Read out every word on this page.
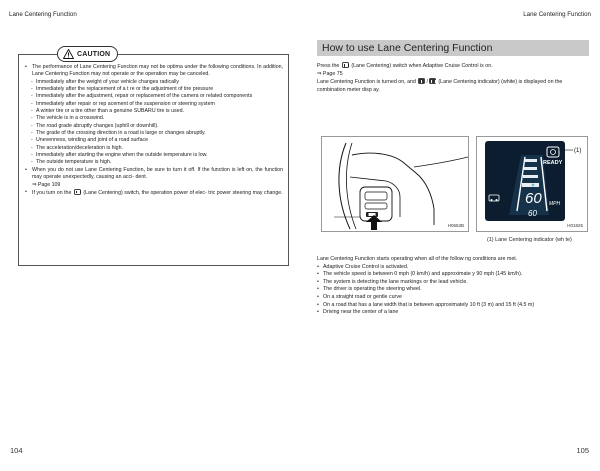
Lane Centering Function	Lane Centering Function
CAUTION
• The performance of Lane Centering Function may not be optima under the following conditions. In addition, Lane Centering Function may not operate or the operation may be canceled.
- Immediately after the weight of your vehicle changes radically
- Immediately after the replacement of a t re or the adjustment of tire pressure
- Immediately after the adjustment, repair or replacement of the camera or related components
- Immediately after repair or rep acement of the suspension or steering system
- A winter tire or a tire other than a genuine SUBARU tire is used.
- The vehicle is in a crosswind.
- The road grade abruptly changes (uphill or downhill).
- The grade of the crossing direction in a road is large or changes abruptly.
- Unevenness, winding and joint of a road surface
- The acceleration/deceleration is high.
- Immediately after starting the engine when the outside temperature is low.
- The outside temperature is high.
• When you do not use Lane Centering Function, be sure to turn it off. If the function is left on, the function may operate unexpectedly, causing an acci- dent.
⇒ Page 109
• If you turn on the (Lane Centering) switch, the operation power of elec- tric power steering may change.
How to use Lane Centering Function

Press the (Lane Centering) switch when Adaptive Cruise Control is on.

⇒ Page 75

Lane Centering Function is turned on, and / (Lane Centering indicator) (white) is displayed on the combination meter disp ay.

H0653B
READY
60 MPH
60
(1)
H01825
(1) Lane Centering indicator (wh te)

Lane Centering Function starts operating when all of the follow ng conditions are met.

• Adaptive Cruise Control is activated.
• The vehicle speed is between 0 mph (0 km/h) and approximate y 90 mph (145 km/h).
• The system is detecting the lane markings or the lead vehicle.
• The driver is operating the steering wheel.
• On a straight road or gentle curve
• On a road that has a lane width that is between approximately 10 ft (3 m) and 15 ft (4.5 m)
• Driving near the center of a lane
104	105
